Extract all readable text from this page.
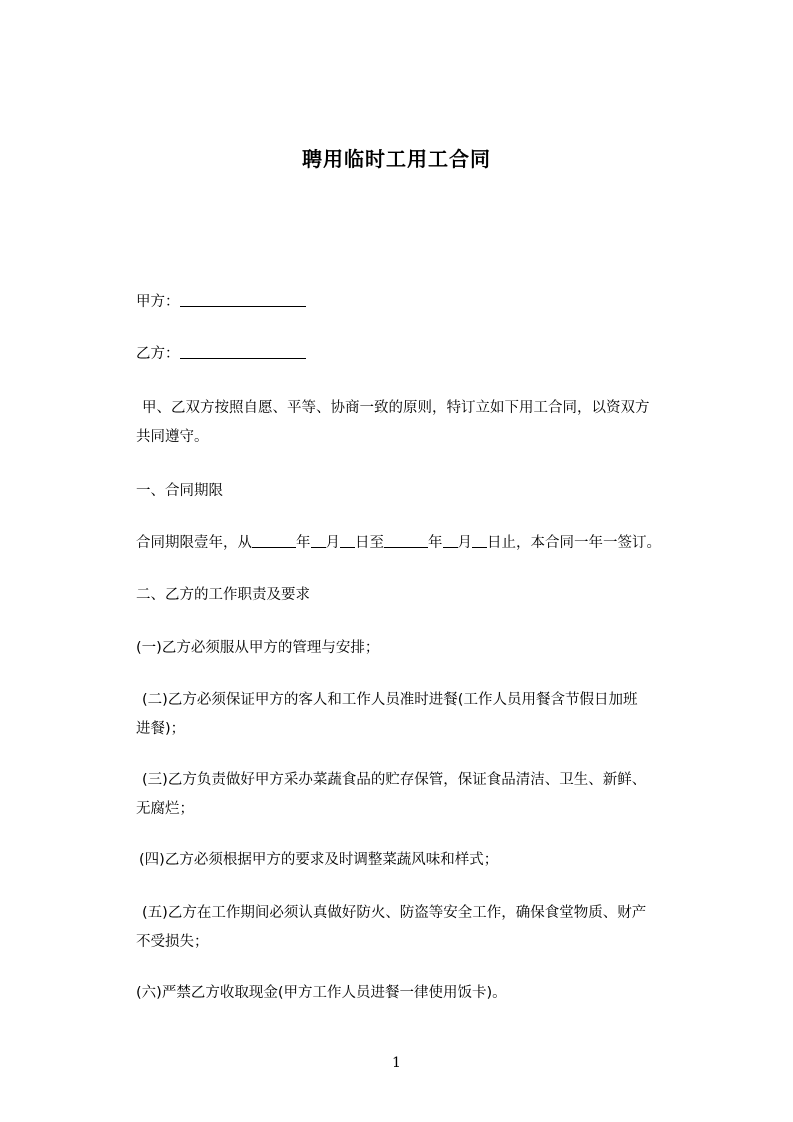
聘用临时工用工合同
甲方：
乙方：
甲、乙双方按照自愿、平等、协商一致的原则，特订立如下用工合同，以资双方
共同遵守。
一、合同期限
合同期限壹年，从	年 月 日至	年 月 日止，本合同一年一签订。
二、乙方的工作职责及要求
(一)乙方必须服从甲方的管理与安排；
(二)乙方必须保证甲方的客人和工作人员准时进餐(工作人员用餐含节假日加班
进餐)；
(三)乙方负责做好甲方采办菜蔬食品的贮存保管，保证食品清洁、卫生、新鲜、
无腐烂；
(四)乙方必须根据甲方的要求及时调整菜蔬风味和样式；
(五)乙方在工作期间必须认真做好防火、防盗等安全工作，确保食堂物质、财产
不受损失；
(六)严禁乙方收取现金(甲方工作人员进餐一律使用饭卡)。
1
